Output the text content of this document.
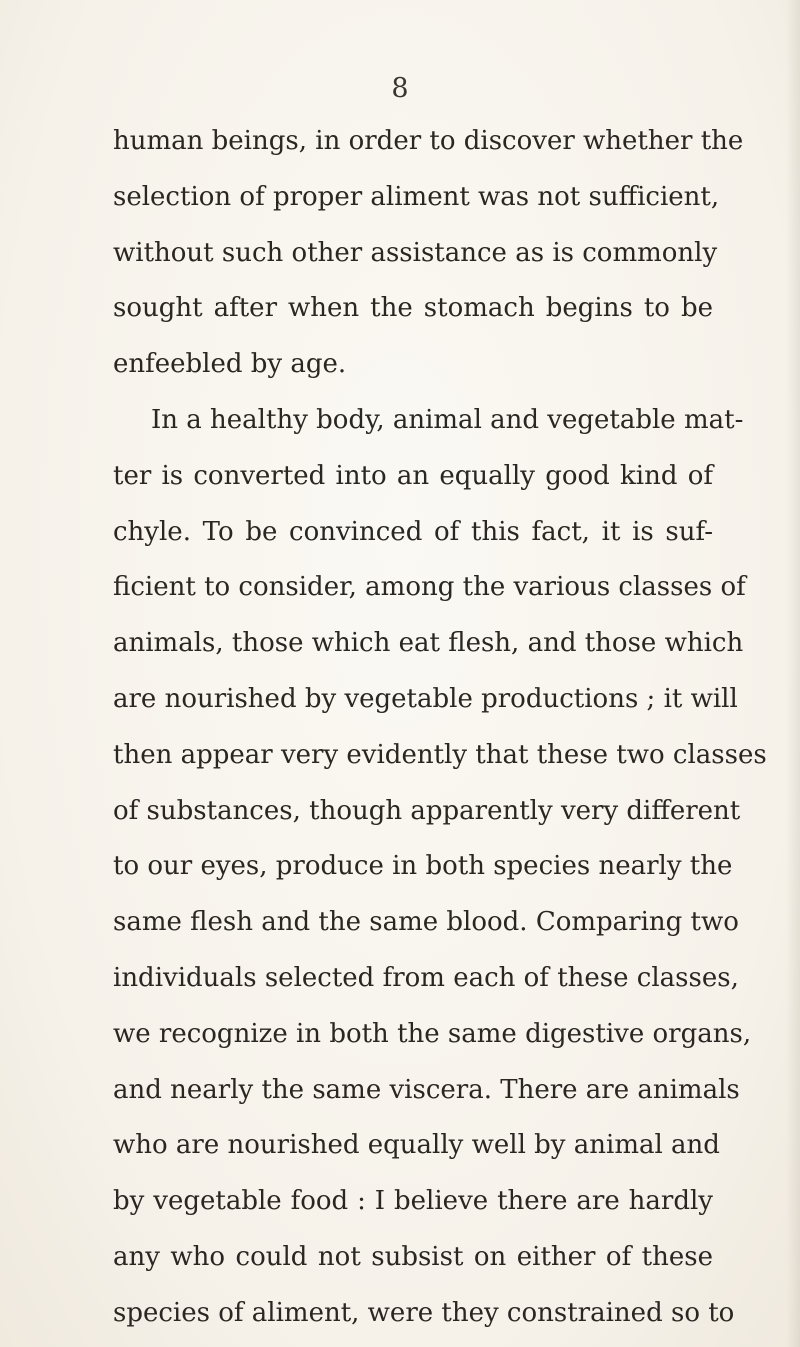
8
human beings, in order to discover whether the
selection of proper aliment was not sufficient,
without such other assistance as is commonly
sought after when the stomach begins to be
enfeebled by age.
In a healthy body, animal and vegetable mat-
ter is converted into an equally good kind of
chyle. To be convinced of this fact, it is suf-
ficient to consider, among the various classes of
animals, those which eat flesh, and those which
are nourished by vegetable productions ; it will
then appear very evidently that these two classes
of substances, though apparently very different
to our eyes, produce in both species nearly the
same flesh and the same blood. Comparing two
individuals selected from each of these classes,
we recognize in both the same digestive organs,
and nearly the same viscera. There are animals
who are nourished equally well by animal and
by vegetable food : I believe there are hardly
any who could not subsist on either of these
species of aliment, were they constrained so to
